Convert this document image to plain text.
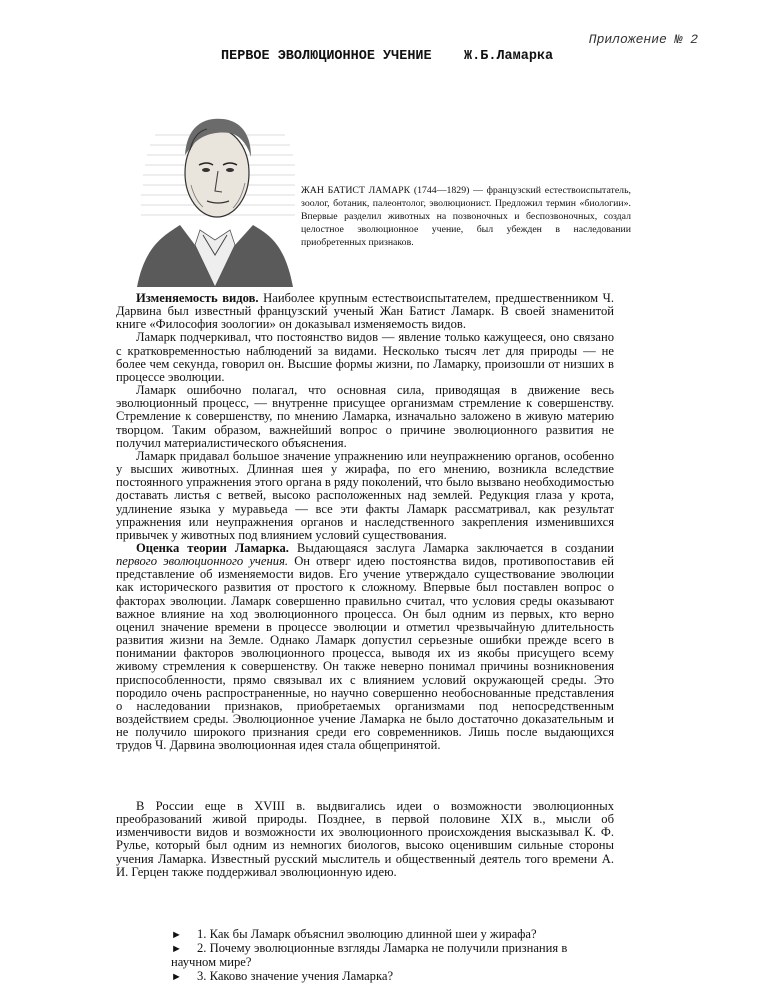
Приложение № 2
ПЕРВОЕ ЭВОЛЮЦИОННОЕ УЧЕНИЕ    Ж.Б.Ламарка

ЖАН БАТИСТ ЛАМАРК (1744—1829) — французский естествоиспытатель, зоолог, ботаник, палеонтолог, эволюционист. Предложил термин «биологии». Впервые разделил животных на позвоночных и беспозвоночных, создал целостное эволюционное учение, был убежден в наследовании приобретенных признаков.

Изменяемость видов. Наиболее крупным естествоиспытателем, предшественником Ч. Дарвина был известный французский ученый Жан Батист Ламарк. В своей знаменитой книге «Философия зоологии» он доказывал изменяемость видов.

Ламарк подчеркивал, что постоянство видов — явление только кажущееся, оно связано с кратковременностью наблюдений за видами. Несколько тысяч лет для природы — не более чем секунда, говорил он. Высшие формы жизни, по Ламарку, произошли от низших в процессе эволюции.

Ламарк ошибочно полагал, что основная сила, приводящая в движение весь эволюционный процесс, — внутренне присущее организмам стремление к совершенству. Стремление к совершенству, по мнению Ламарка, изначально заложено в живую материю творцом. Таким образом, важнейший вопрос о причине эволюционного развития не получил материалистического объяснения.

Ламарк придавал большое значение упражнению или неупражнению органов, особенно у высших животных. Длинная шея у жирафа, по его мнению, возникла вследствие постоянного упражнения этого органа в ряду поколений, что было вызвано необходимостью доставать листья с ветвей, высоко расположенных над землей. Редукция глаза у крота, удлинение языка у муравьеда — все эти факты Ламарк рассматривал, как результат упражнения или неупражнения органов и наследственного закрепления изменившихся привычек у животных под влиянием условий существования.

Оценка теории Ламарка. Выдающаяся заслуга Ламарка заключается в создании первого эволюционного учения. Он отверг идею постоянства видов, противопоставив ей представление об изменяемости видов. Его учение утверждало существование эволюции как исторического развития от простого к сложному. Впервые был поставлен вопрос о факторах эволюции. Ламарк совершенно правильно считал, что условия среды оказывают важное влияние на ход эволюционного процесса. Он был одним из первых, кто верно оценил значение времени в процессе эволюции и отметил чрезвычайную длительность развития жизни на Земле. Однако Ламарк допустил серьезные ошибки прежде всего в понимании факторов эволюционного процесса, выводя их из якобы присущего всему живому стремления к совершенству. Он также неверно понимал причины возникновения приспособленности, прямо связывал их с влиянием условий окружающей среды. Это породило очень распространенные, но научно совершенно необоснованные представления о наследовании признаков, приобретаемых организмами под непосредственным воздействием среды. Эволюционное учение Ламарка не было достаточно доказательным и не получило широкого признания среди его современников. Лишь после выдающихся трудов Ч. Дарвина эволюционная идея стала общепринятой.

В России еще в XVIII в. выдвигались идеи о возможности эволюционных преобразований живой природы. Позднее, в первой половине XIX в., мысли об изменчивости видов и возможности их эволюционного происхождения высказывал К. Ф. Рулье, который был одним из немногих биологов, высоко оценившим сильные стороны учения Ламарка. Известный русский мыслитель и общественный деятель того времени А. И. Герцен также поддерживал эволюционную идею.

► 1. Как бы Ламарк объяснил эволюцию длинной шеи у жирафа?

► 2. Почему эволюционные взгляды Ламарка не получили признания в научном мире?

► 3. Каково значение учения Ламарка?
